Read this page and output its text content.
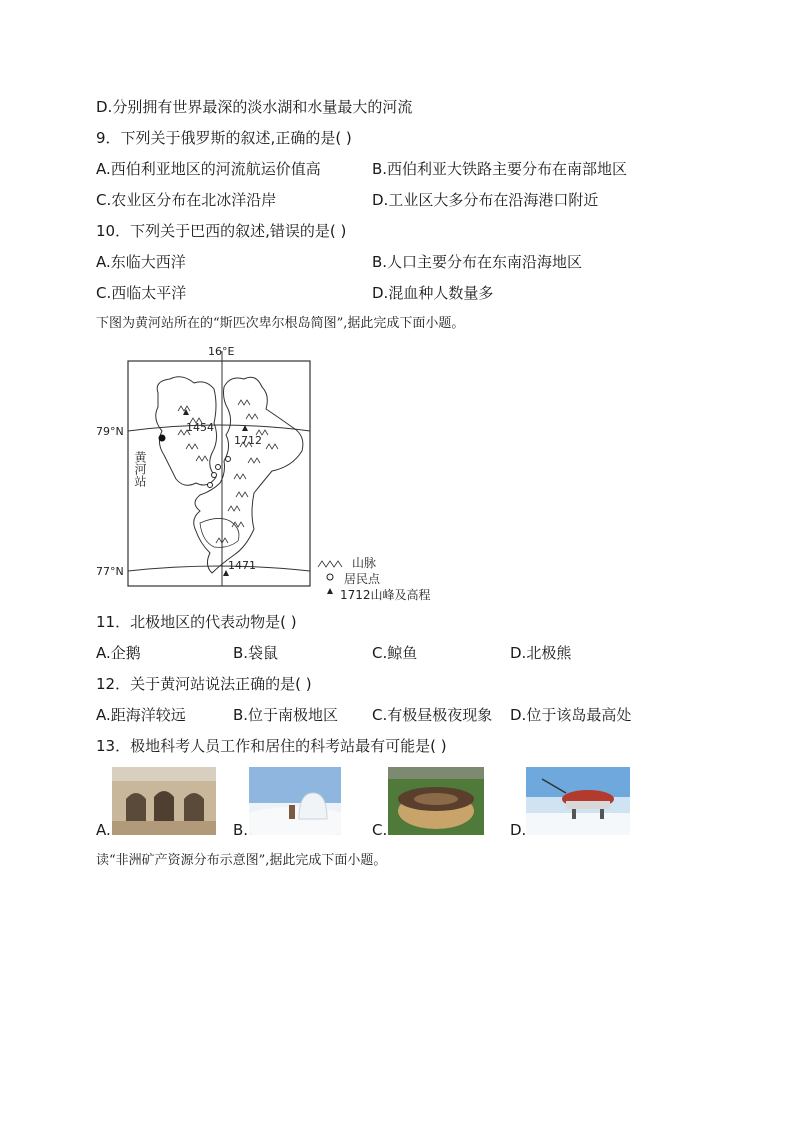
D.分别拥有世界最深的淡水湖和水量最大的河流
9．下列关于俄罗斯的叙述,正确的是( )
A.西伯利亚地区的河流航运价值高	B.西伯利亚大铁路主要分布在南部地区
C.农业区分布在北冰洋沿岸	D.工业区大多分布在沿海港口附近
10．下列关于巴西的叙述,错误的是( )
A.东临大西洋	B.人口主要分布在东南沿海地区
C.西临太平洋	D.混血种人数量多
下图为黄河站所在的“斯匹次卑尔根岛简图”,据此完成下面小题。
1454
1712
1471
16°E
79°N
77°N
黄河站
山脉
居民点
1712山峰及高程
11．北极地区的代表动物是( )
A.企鹅	B.袋鼠	C.鲸鱼	D.北极熊
12．关于黄河站说法正确的是( )
A.距海洋较远	B.位于南极地区 C.有极昼极夜现象 D.位于该岛最高处
13．极地科考人员工作和居住的科考站最有可能是( )
A.	B.	C.	D.
读“非洲矿产资源分布示意图”,据此完成下面小题。
